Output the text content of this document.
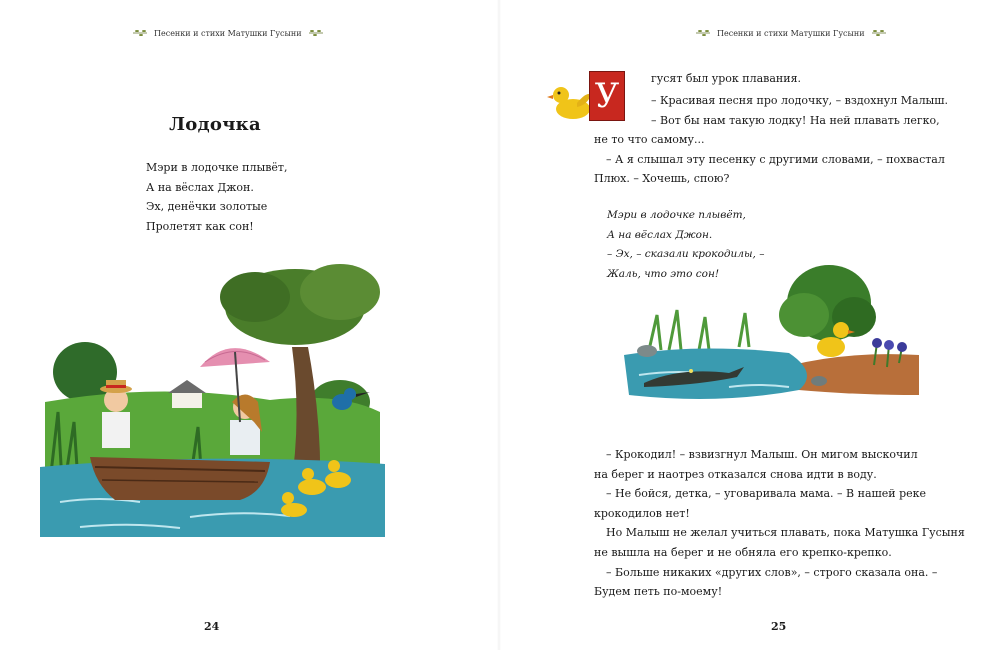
Песенки и стихи Матушки Гусыни
Лодочка
Мэри в лодочке плывёт,
А на вёслах Джон.
Эх, денёчки золотые
Пролетят как сон!
24
Песенки и стихи Матушки Гусыни
У	гусят был урок плавания.

– Красивая песня про лодочку, – вздохнул Малыш.

– Вот бы нам такую лодку! На ней плавать легко,

не то что самому...

– А я слышал эту песенку с другими словами, – похвастал

Плюх. – Хочешь, спою?

Мэри в лодочке плывёт,
А на вёслах Джон.
– Эх, – сказали крокодилы, –
Жаль, что это сон!

– Крокодил! – взвизгнул Малыш. Он мигом выскочил

на берег и наотрез отказался снова идти в воду.

– Не бойся, детка, – уговаривала мама. – В нашей реке

крокодилов нет!

Но Малыш не желал учиться плавать, пока Матушка Гусыня

не вышла на берег и не обняла его крепко-крепко.

– Больше никаких «других слов», – строго сказала она. –

Будем петь по-моему!

25
